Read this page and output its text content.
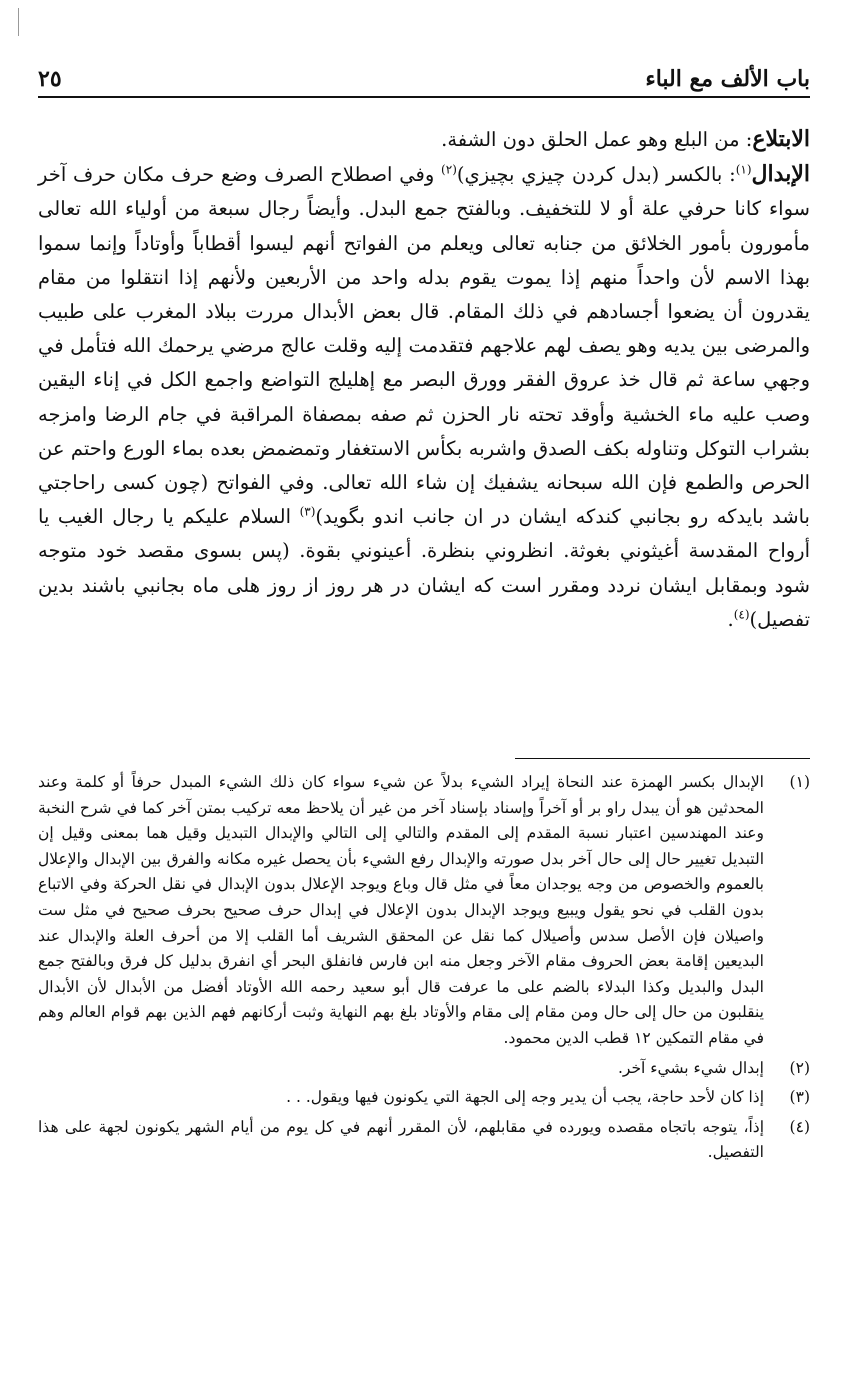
باب الألف مع الباء
٢٥

الابتلاع: من البلع وهو عمل الحلق دون الشفة.

الإبدال$^{(١)}$: بالكسر (بدل كردن چيزي بچيزي)$^{(٢)}$ وفي اصطلاح الصرف وضع حرف مكان حرف آخر سواء كانا حرفي علة أو لا للتخفيف. وبالفتح جمع البدل. وأيضاً رجال سبعة من أولياء الله تعالى مأمورون بأمور الخلائق من جنابه تعالى ويعلم من الفواتح أنهم ليسوا أقطاباً وأوتاداً وإنما سموا بهذا الاسم لأن واحداً منهم إذا يموت يقوم بدله واحد من الأربعين ولأنهم إذا انتقلوا من مقام يقدرون أن يضعوا أجسادهم في ذلك المقام. قال بعض الأبدال مررت ببلاد المغرب على طبيب والمرضى بين يديه وهو يصف لهم علاجهم فتقدمت إليه وقلت عالج مرضي يرحمك الله فتأمل في وجهي ساعة ثم قال خذ عروق الفقر وورق البصر مع إهليلج التواضع واجمع الكل في إناء اليقين وصب عليه ماء الخشية وأوقد تحته نار الحزن ثم صفه بمصفاة المراقبة في جام الرضا وامزجه بشراب التوكل وتناوله بكف الصدق واشربه بكأس الاستغفار وتمضمض بعده بماء الورع واحتم عن الحرص والطمع فإن الله سبحانه يشفيك إن شاء الله تعالى. وفي الفواتح (چون كسى راحاجتي باشد بايدكه رو بجانبي كندكه ايشان در ان جانب اندو بگويد)$^{(٣)}$ السلام عليكم يا رجال الغيب يا أرواح المقدسة أغيثوني بغوثة. انظروني بنظرة. أعينوني بقوة. (پس بسوى مقصد خود متوجه شود وبمقابل ايشان نردد ومقرر است كه ايشان در هر روز از روز هلى ماه بجانبي باشند بدين تفصيل)$^{(٤)}$.

(١)
الإبدال بكسر الهمزة عند النحاة إيراد الشيء بدلاً عن شيء سواء كان ذلك الشيء المبدل حرفاً أو كلمة وعند المحدثين هو أن يبدل راو بر أو آخراً وإسناد بإسناد آخر من غير أن يلاحظ معه تركيب بمتن آخر كما في شرح النخبة وعند المهندسين اعتبار نسبة المقدم إلى المقدم والتالي إلى التالي والإبدال التبديل وقيل هما بمعنى وقيل إن التبديل تغيير حال إلى حال آخر بدل صورته والإبدال رفع الشيء بأن يحصل غيره مكانه والفرق بين الإبدال والإعلال بالعموم والخصوص من وجه يوجدان معاً في مثل قال وباع ويوجد الإعلال بدون الإبدال في نقل الحركة وفي الاتباع بدون القلب في نحو يقول ويبيع ويوجد الإبدال بدون الإعلال في إبدال حرف صحيح بحرف صحيح في مثل ست واصيلان فإن الأصل سدس وأصيلال كما نقل عن المحقق الشريف أما القلب إلا من أحرف العلة والإبدال عند البديعين إقامة بعض الحروف مقام الآخر وجعل منه ابن فارس فانفلق البحر أي انفرق بدليل كل فرق وبالفتح جمع البدل والبديل وكذا البدلاء بالضم على ما عرفت قال أبو سعيد رحمه الله الأوتاد أفضل من الأبدال لأن الأبدال ينقلبون من حال إلى حال ومن مقام إلى مقام والأوتاد بلغ بهم النهاية وثبت أركانهم فهم الذين بهم قوام العالم وهم في مقام التمكين ١٢ قطب الدين محمود.
(٢)
إبدال شيء بشيء آخر.
(٣)
إذا كان لأحد حاجة، يجب أن يدير وجه إلى الجهة التي يكونون فيها ويقول. . .
(٤)
إذاً، يتوجه باتجاه مقصده ويورده في مقابلهم، لأن المقرر أنهم في كل يوم من أيام الشهر يكونون لجهة على هذا التفصيل.
